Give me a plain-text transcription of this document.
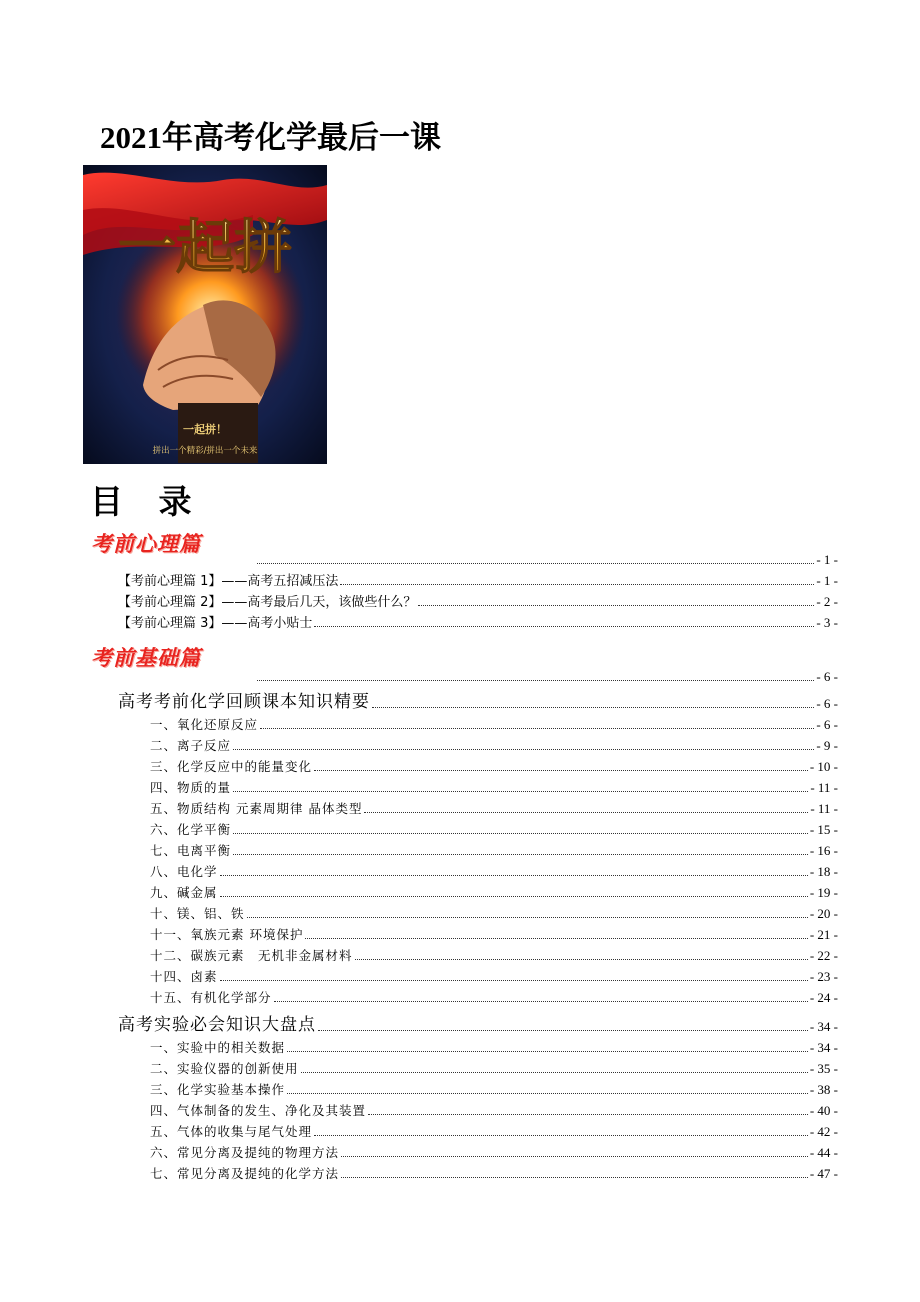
2021年高考化学最后一课
一起拼
一起拼！
拼出一个精彩/拼出一个未来
目 录
考前心理篇
- 1 -
【考前心理篇 1】——高考五招减压法	- 1 -
【考前心理篇 2】——高考最后几天，该做些什么？	- 2 -
【考前心理篇 3】——高考小贴士	- 3 -
考前基础篇
- 6 -
高考考前化学回顾课本知识精要	- 6 -
一、氧化还原反应	- 6 -
二、离子反应	- 9 -
三、化学反应中的能量变化	- 10 -
四、物质的量	- 11 -
五、物质结构 元素周期律 晶体类型	- 11 -
六、化学平衡	- 15 -
七、电离平衡	- 16 -
八、电化学	- 18 -
九、碱金属	- 19 -
十、镁、铝、铁	- 20 -
十一、氧族元素 环境保护	- 21 -
十二、碳族元素　无机非金属材料	- 22 -
十四、卤素	- 23 -
十五、有机化学部分	- 24 -
高考实验必会知识大盘点	- 34 -
一、实验中的相关数据	- 34 -
二、实验仪器的创新使用	- 35 -
三、化学实验基本操作	- 38 -
四、气体制备的发生、净化及其装置	- 40 -
五、气体的收集与尾气处理	- 42 -
六、常见分离及提纯的物理方法	- 44 -
七、常见分离及提纯的化学方法	- 47 -
